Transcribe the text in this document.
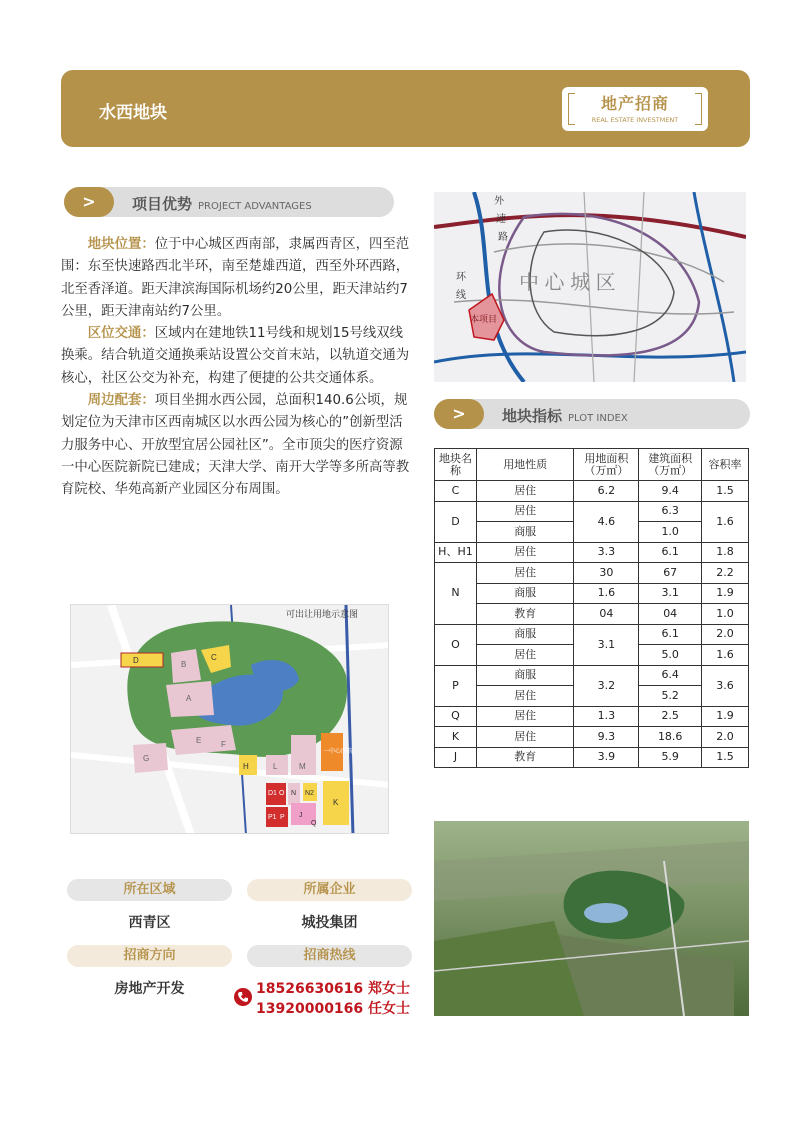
水西地块	地产招商
REAL ESTATE INVESTMENT
>	项目优势 PROJECT ADVANTAGES

地块位置：位于中心城区西南部，隶属西青区，四至范围：东至快速路西北半环，南至楚雄西道，西至外环西路，北至香泽道。距天津滨海国际机场约20公里，距天津站约7公里，距天津南站约7公里。

区位交通：区域内在建地铁11号线和规划15号线双线换乘。结合轨道交通换乘站设置公交首末站，以轨道交通为核心，社区公交为补充，构建了便捷的公共交通体系。

周边配套：项目坐拥水西公园，总面积140.6公顷，规划定位为天津市区西南城区以水西公园为核心的”创新型活力服务中心、开放型宜居公园社区”。全市顶尖的医疗资源一中心医院新院已建成；天津大学、南开大学等多所高等教育院校、华苑高新产业园区分布周围。

外
速
路
环
线
中 心 城 区
本项目
>	地块指标 PLOT INDEX
地块名称	用地性质	用地面积（万㎡）	建筑面积（万㎡）	容积率
C	居住	6.2	9.4	1.5
D	居住	4.6	6.3	1.6
	商服		1.0	
H、H1	居住	3.3	6.1	1.8
N	居住	30	67	2.2
	商服	1.6	3.1	1.9
	教育	04	04	1.0
O	商服	3.1	6.1	2.0
	居住		5.0	1.6
P	商服	3.2	6.4	3.6
	居住		5.2	
Q	居住	1.3	2.5	1.9
K	居住	9.3	18.6	2.0
J	教育	3.9	5.9	1.5
可出让用地示意图
D	B
C
A
E F
G
H	L	M
N N2
D1 O
P1 P J
K
Q
一中心医院
所在区域
西青区
所属企业
城投集团
招商方向
房地产开发
招商热线
18526630616 郑女士
13920000166 任女士
